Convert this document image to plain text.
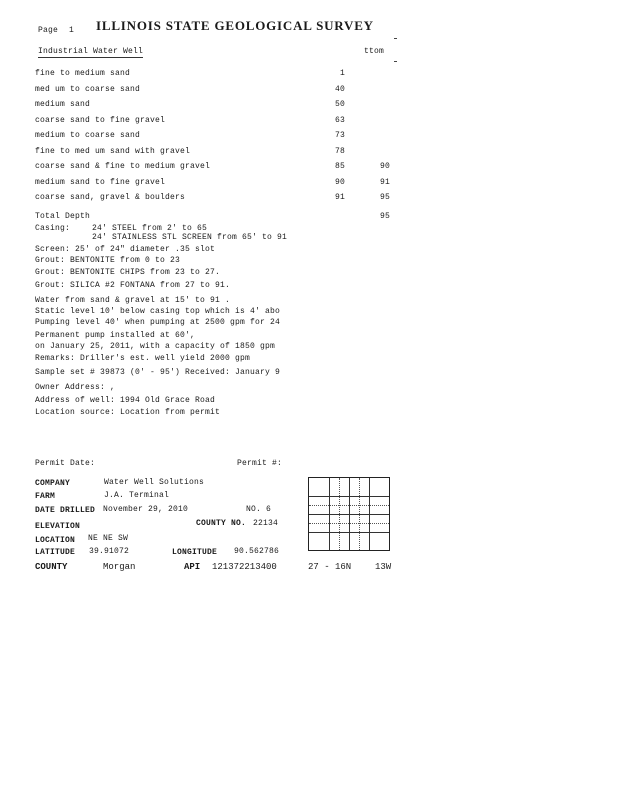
Page 1 ILLINOIS STATE GEOLOGICAL SURVEY
Industrial Water Well	ttom
fine to medium sand	1
med um to coarse sand	40
medium sand	50
coarse sand to fine gravel	63
medium to coarse sand	73
fine to med um sand with gravel	78
coarse sand & fine to medium gravel	85	90
medium sand to fine gravel	90	91
coarse sand, gravel & boulders	91	95
Total Depth	95
Casing:	24' STEEL from 2' to 65
24' STAINLESS STL SCREEN from 65' to 91
Screen: 25' of 24" diameter .35 slot
Grout: BENTONITE from 0 to 23
Grout: BENTONITE CHIPS from 23 to 27.
Grout: SILICA #2 FONTANA from 27 to 91.
Water from sand & gravel at 15' to 91 .
Static level 10' below casing top which is 4' abo
Pumping level 40' when pumping at 2500 gpm for 24
Permanent pump installed at 60',
on January 25, 2011, with a capacity of 1850 gpm
Remarks: Driller's est. well yield 2000 gpm
Sample set # 39873 (0' - 95') Received: January 9
Owner Address: ,
Address of well: 1994 Old Grace Road
Location source: Location from permit
Permit Date:	Permit #:
COMPANY	Water Well Solutions
FARM	J.A. Terminal
DATE DRILLED November 29, 2010	NO. 6
ELEVATION	COUNTY NO. 22134
LOCATION NE NE SW
LATITUDE 39.91072	LONGITUDE 90.562786
COUNTY	Morgan	API 121372213400	27 - 16N	13W
